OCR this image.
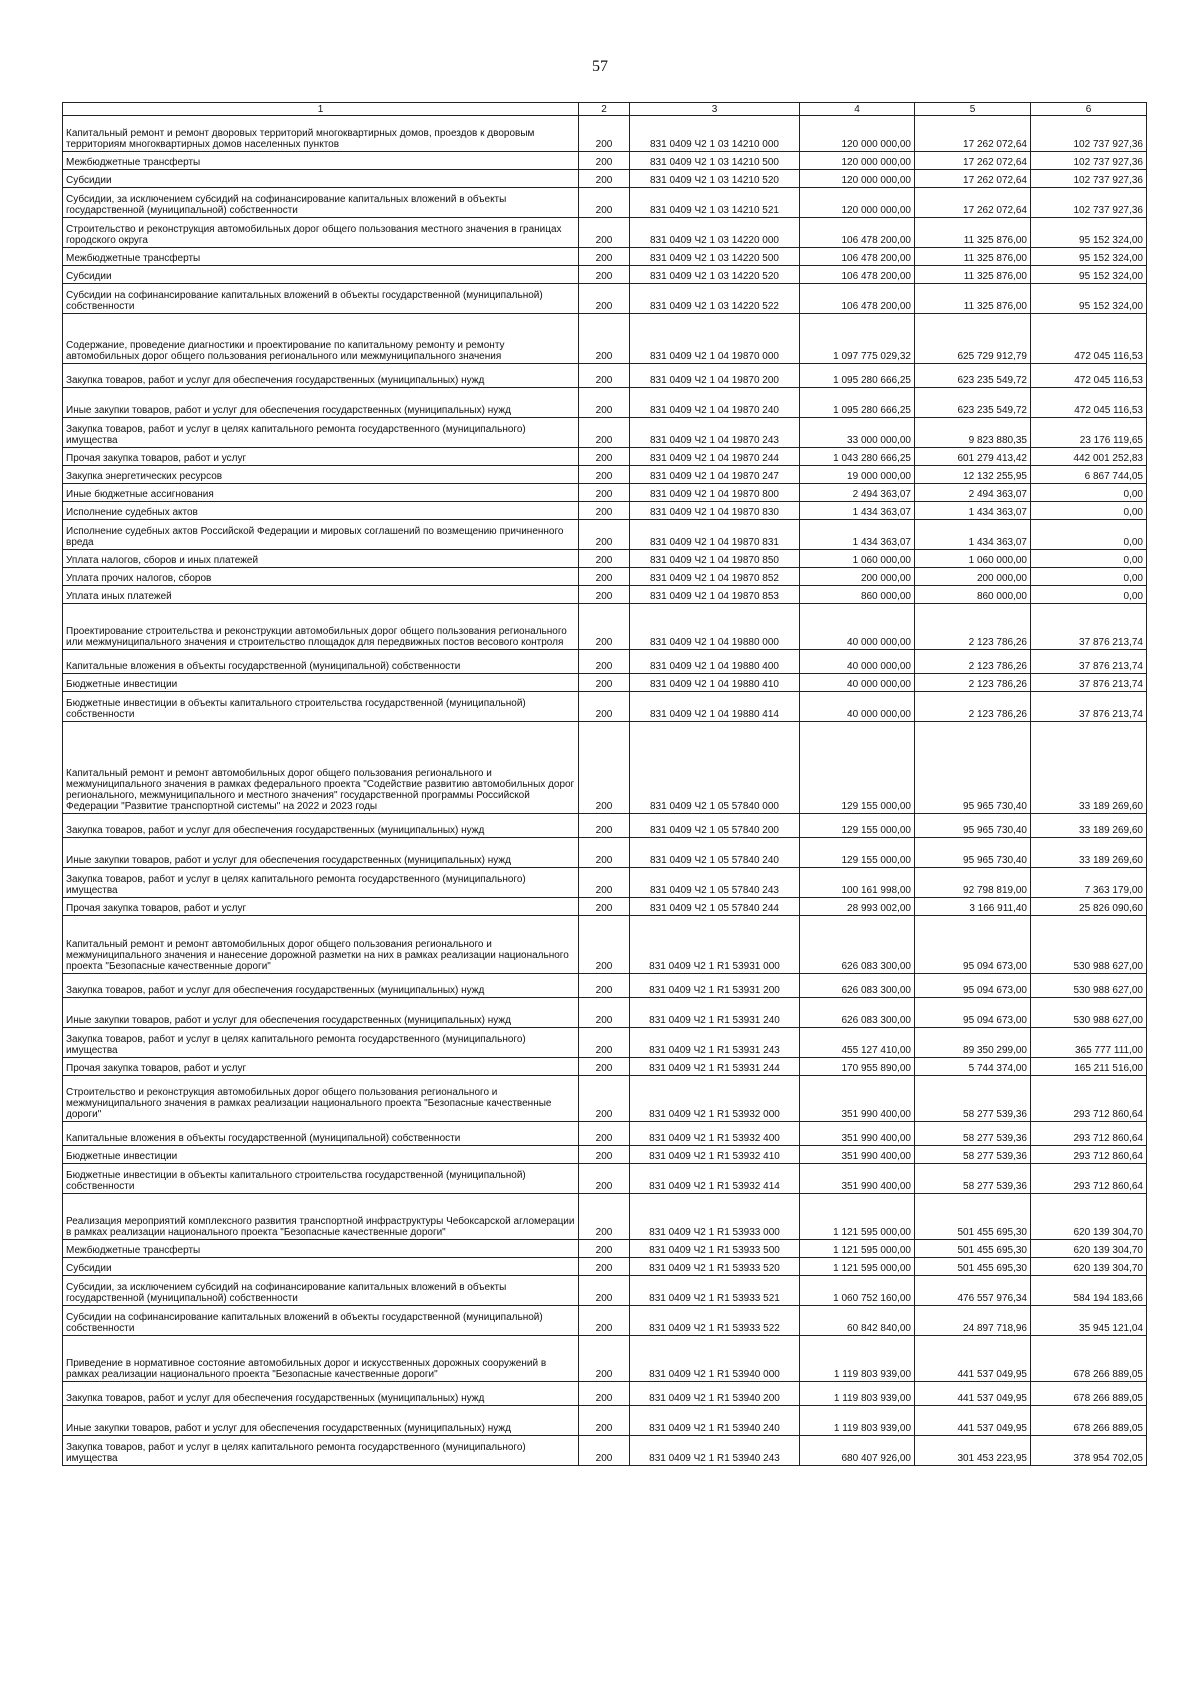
57
1	2	3	4	5	6
Капитальный ремонт и ремонт дворовых территорий многоквартирных домов, проездов к дворовым территориям многоквартирных домов населенных пунктов	200	831 0409 Ч2 1 03 14210 000	120 000 000,00	17 262 072,64	102 737 927,36
Межбюджетные трансферты	200	831 0409 Ч2 1 03 14210 500	120 000 000,00	17 262 072,64	102 737 927,36
Субсидии	200	831 0409 Ч2 1 03 14210 520	120 000 000,00	17 262 072,64	102 737 927,36
Субсидии, за исключением субсидий на софинансирование капитальных вложений в объекты государственной (муниципальной) собственности	200	831 0409 Ч2 1 03 14210 521	120 000 000,00	17 262 072,64	102 737 927,36
Строительство и реконструкция автомобильных дорог общего пользования местного значения в границах городского округа	200	831 0409 Ч2 1 03 14220 000	106 478 200,00	11 325 876,00	95 152 324,00
Межбюджетные трансферты	200	831 0409 Ч2 1 03 14220 500	106 478 200,00	11 325 876,00	95 152 324,00
Субсидии	200	831 0409 Ч2 1 03 14220 520	106 478 200,00	11 325 876,00	95 152 324,00
Субсидии на софинансирование капитальных вложений в объекты государственной (муниципальной) собственности	200	831 0409 Ч2 1 03 14220 522	106 478 200,00	11 325 876,00	95 152 324,00
Содержание, проведение диагностики и проектирование по капитальному ремонту и ремонту автомобильных дорог общего пользования регионального или межмуниципального значения	200	831 0409 Ч2 1 04 19870 000	1 097 775 029,32	625 729 912,79	472 045 116,53
Закупка товаров, работ и услуг для обеспечения государственных (муниципальных) нужд	200	831 0409 Ч2 1 04 19870 200	1 095 280 666,25	623 235 549,72	472 045 116,53
Иные закупки товаров, работ и услуг для обеспечения государственных (муниципальных) нужд	200	831 0409 Ч2 1 04 19870 240	1 095 280 666,25	623 235 549,72	472 045 116,53
Закупка товаров, работ и услуг в целях капитального ремонта государственного (муниципального) имущества	200	831 0409 Ч2 1 04 19870 243	33 000 000,00	9 823 880,35	23 176 119,65
Прочая закупка товаров, работ и услуг	200	831 0409 Ч2 1 04 19870 244	1 043 280 666,25	601 279 413,42	442 001 252,83
Закупка энергетических ресурсов	200	831 0409 Ч2 1 04 19870 247	19 000 000,00	12 132 255,95	6 867 744,05
Иные бюджетные ассигнования	200	831 0409 Ч2 1 04 19870 800	2 494 363,07	2 494 363,07	0,00
Исполнение судебных актов	200	831 0409 Ч2 1 04 19870 830	1 434 363,07	1 434 363,07	0,00
Исполнение судебных актов Российской Федерации и мировых соглашений по возмещению причиненного вреда	200	831 0409 Ч2 1 04 19870 831	1 434 363,07	1 434 363,07	0,00
Уплата налогов, сборов и иных платежей	200	831 0409 Ч2 1 04 19870 850	1 060 000,00	1 060 000,00	0,00
Уплата прочих налогов, сборов	200	831 0409 Ч2 1 04 19870 852	200 000,00	200 000,00	0,00
Уплата иных платежей	200	831 0409 Ч2 1 04 19870 853	860 000,00	860 000,00	0,00
Проектирование строительства и реконструкции автомобильных дорог общего пользования регионального или межмуниципального значения и строительство площадок для передвижных постов весового контроля	200	831 0409 Ч2 1 04 19880 000	40 000 000,00	2 123 786,26	37 876 213,74
Капитальные вложения в объекты государственной (муниципальной) собственности	200	831 0409 Ч2 1 04 19880 400	40 000 000,00	2 123 786,26	37 876 213,74
Бюджетные инвестиции	200	831 0409 Ч2 1 04 19880 410	40 000 000,00	2 123 786,26	37 876 213,74
Бюджетные инвестиции в объекты капитального строительства государственной (муниципальной) собственности	200	831 0409 Ч2 1 04 19880 414	40 000 000,00	2 123 786,26	37 876 213,74
Капитальный ремонт и ремонт автомобильных дорог общего пользования регионального и межмуниципального значения в рамках федерального проекта "Содействие развитию автомобильных дорог регионального, межмуниципального и местного значения" государственной программы Российской Федерации "Развитие транспортной системы" на 2022 и 2023 годы	200	831 0409 Ч2 1 05 57840 000	129 155 000,00	95 965 730,40	33 189 269,60
Закупка товаров, работ и услуг для обеспечения государственных (муниципальных) нужд	200	831 0409 Ч2 1 05 57840 200	129 155 000,00	95 965 730,40	33 189 269,60
Иные закупки товаров, работ и услуг для обеспечения государственных (муниципальных) нужд	200	831 0409 Ч2 1 05 57840 240	129 155 000,00	95 965 730,40	33 189 269,60
Закупка товаров, работ и услуг в целях капитального ремонта государственного (муниципального) имущества	200	831 0409 Ч2 1 05 57840 243	100 161 998,00	92 798 819,00	7 363 179,00
Прочая закупка товаров, работ и услуг	200	831 0409 Ч2 1 05 57840 244	28 993 002,00	3 166 911,40	25 826 090,60
Капитальный ремонт и ремонт автомобильных дорог общего пользования регионального и межмуниципального значения и нанесение дорожной разметки на них в рамках реализации национального проекта "Безопасные качественные дороги"	200	831 0409 Ч2 1 R1 53931 000	626 083 300,00	95 094 673,00	530 988 627,00
Закупка товаров, работ и услуг для обеспечения государственных (муниципальных) нужд	200	831 0409 Ч2 1 R1 53931 200	626 083 300,00	95 094 673,00	530 988 627,00
Иные закупки товаров, работ и услуг для обеспечения государственных (муниципальных) нужд	200	831 0409 Ч2 1 R1 53931 240	626 083 300,00	95 094 673,00	530 988 627,00
Закупка товаров, работ и услуг в целях капитального ремонта государственного (муниципального) имущества	200	831 0409 Ч2 1 R1 53931 243	455 127 410,00	89 350 299,00	365 777 111,00
Прочая закупка товаров, работ и услуг	200	831 0409 Ч2 1 R1 53931 244	170 955 890,00	5 744 374,00	165 211 516,00
Строительство и реконструкция автомобильных дорог общего пользования регионального и межмуниципального значения в рамках реализации национального проекта "Безопасные качественные дороги"	200	831 0409 Ч2 1 R1 53932 000	351 990 400,00	58 277 539,36	293 712 860,64
Капитальные вложения в объекты государственной (муниципальной) собственности	200	831 0409 Ч2 1 R1 53932 400	351 990 400,00	58 277 539,36	293 712 860,64
Бюджетные инвестиции	200	831 0409 Ч2 1 R1 53932 410	351 990 400,00	58 277 539,36	293 712 860,64
Бюджетные инвестиции в объекты капитального строительства государственной (муниципальной) собственности	200	831 0409 Ч2 1 R1 53932 414	351 990 400,00	58 277 539,36	293 712 860,64
Реализация мероприятий комплексного развития транспортной инфраструктуры Чебоксарской агломерации в рамках реализации национального проекта "Безопасные качественные дороги"	200	831 0409 Ч2 1 R1 53933 000	1 121 595 000,00	501 455 695,30	620 139 304,70
Межбюджетные трансферты	200	831 0409 Ч2 1 R1 53933 500	1 121 595 000,00	501 455 695,30	620 139 304,70
Субсидии	200	831 0409 Ч2 1 R1 53933 520	1 121 595 000,00	501 455 695,30	620 139 304,70
Субсидии, за исключением субсидий на софинансирование капитальных вложений в объекты государственной (муниципальной) собственности	200	831 0409 Ч2 1 R1 53933 521	1 060 752 160,00	476 557 976,34	584 194 183,66
Субсидии на софинансирование капитальных вложений в объекты государственной (муниципальной) собственности	200	831 0409 Ч2 1 R1 53933 522	60 842 840,00	24 897 718,96	35 945 121,04
Приведение в нормативное состояние автомобильных дорог и искусственных дорожных сооружений в рамках реализации национального проекта "Безопасные качественные дороги"	200	831 0409 Ч2 1 R1 53940 000	1 119 803 939,00	441 537 049,95	678 266 889,05
Закупка товаров, работ и услуг для обеспечения государственных (муниципальных) нужд	200	831 0409 Ч2 1 R1 53940 200	1 119 803 939,00	441 537 049,95	678 266 889,05
Иные закупки товаров, работ и услуг для обеспечения государственных (муниципальных) нужд	200	831 0409 Ч2 1 R1 53940 240	1 119 803 939,00	441 537 049,95	678 266 889,05
Закупка товаров, работ и услуг в целях капитального ремонта государственного (муниципального) имущества	200	831 0409 Ч2 1 R1 53940 243	680 407 926,00	301 453 223,95	378 954 702,05
